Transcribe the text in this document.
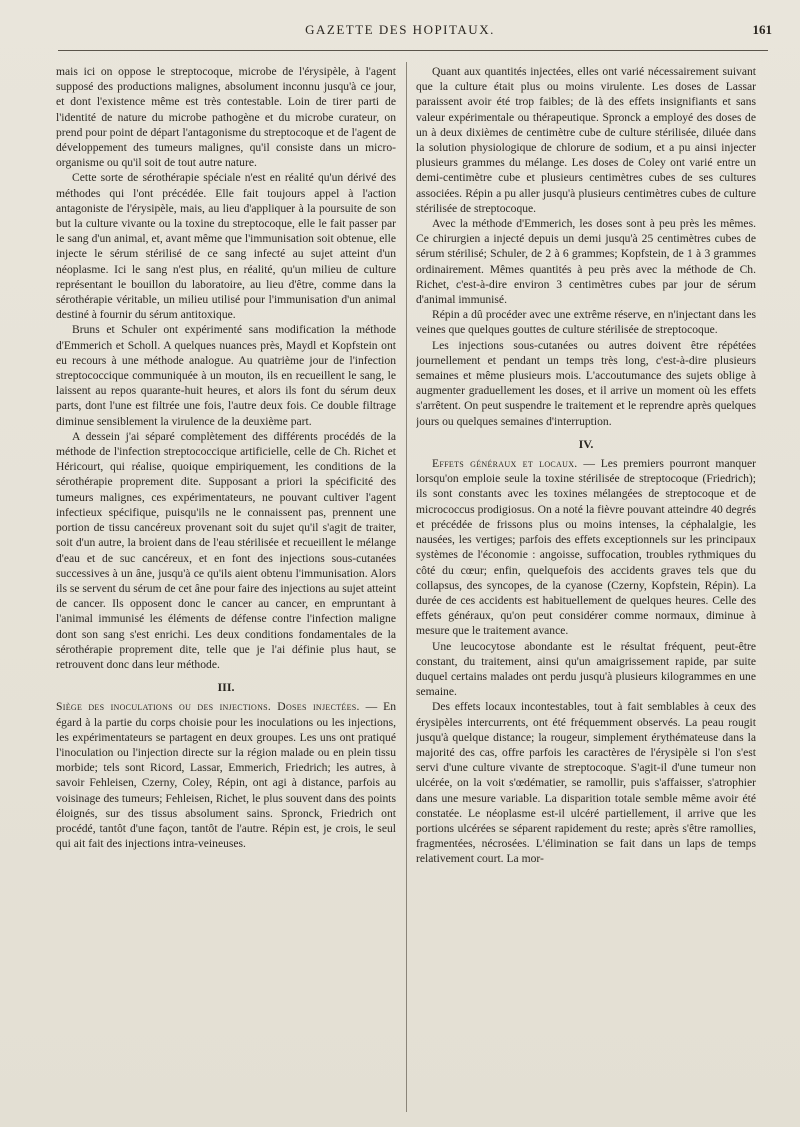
GAZETTE DES HOPITAUX.	161

mais ici on oppose le streptocoque, microbe de l'érysipèle, à l'agent supposé des productions malignes, absolument inconnu jusqu'à ce jour, et dont l'existence même est très contestable. Loin de tirer parti de l'identité de nature du microbe pathogène et du microbe curateur, on prend pour point de départ l'antagonisme du streptocoque et de l'agent de développement des tumeurs malignes, qu'il consiste dans un micro-organisme ou qu'il soit de tout autre nature.

Cette sorte de sérothérapie spéciale n'est en réalité qu'un dérivé des méthodes qui l'ont précédée. Elle fait toujours appel à l'action antagoniste de l'érysipèle, mais, au lieu d'appliquer à la poursuite de son but la culture vivante ou la toxine du streptocoque, elle le fait passer par le sang d'un animal, et, avant même que l'immunisation soit obtenue, elle injecte le sérum stérilisé de ce sang infecté au sujet atteint d'un néoplasme. Ici le sang n'est plus, en réalité, qu'un milieu de culture représentant le bouillon du laboratoire, au lieu d'être, comme dans la sérothérapie véritable, un milieu utilisé pour l'immunisation d'un animal destiné à fournir du sérum antitoxique.

Bruns et Schuler ont expérimenté sans modification la méthode d'Emmerich et Scholl. A quelques nuances près, Maydl et Kopfstein ont eu recours à une méthode analogue. Au quatrième jour de l'infection streptococcique communiquée à un mouton, ils en recueillent le sang, le laissent au repos quarante-huit heures, et alors ils font du sérum deux parts, dont l'une est filtrée une fois, l'autre deux fois. Ce double filtrage diminue sensiblement la virulence de la deuxième part.

A dessein j'ai séparé complètement des différents procédés de la méthode de l'infection streptococcique artificielle, celle de Ch. Richet et Héricourt, qui réalise, quoique empiriquement, les conditions de la sérothérapie proprement dite. Supposant a priori la spécificité des tumeurs malignes, ces expérimentateurs, ne pouvant cultiver l'agent infectieux spécifique, puisqu'ils ne le connaissent pas, prennent une portion de tissu cancéreux provenant soit du sujet qu'il s'agit de traiter, soit d'un autre, la broient dans de l'eau stérilisée et recueillent le mélange d'eau et de suc cancéreux, et en font des injections sous-cutanées successives à un âne, jusqu'à ce qu'ils aient obtenu l'immunisation. Alors ils se servent du sérum de cet âne pour faire des injections au sujet atteint de cancer. Ils opposent donc le cancer au cancer, en empruntant à l'animal immunisé les éléments de défense contre l'infection maligne dont son sang s'est enrichi. Les deux conditions fondamentales de la sérothérapie proprement dite, telle que je l'ai définie plus haut, se retrouvent donc dans leur méthode.

III.

Siège des inoculations ou des injections. Doses injectées. — En égard à la partie du corps choisie pour les inoculations ou les injections, les expérimentateurs se partagent en deux groupes. Les uns ont pratiqué l'inoculation ou l'injection directe sur la région malade ou en plein tissu morbide; tels sont Ricord, Lassar, Emmerich, Friedrich; les autres, à savoir Fehleisen, Czerny, Coley, Répin, ont agi à distance, parfois au voisinage des tumeurs; Fehleisen, Richet, le plus souvent dans des points éloignés, sur des tissus absolument sains. Spronck, Friedrich ont procédé, tantôt d'une façon, tantôt de l'autre. Répin est, je crois, le seul qui ait fait des injections intra-veineuses.

Quant aux quantités injectées, elles ont varié nécessairement suivant que la culture était plus ou moins virulente. Les doses de Lassar paraissent avoir été trop faibles; de là des effets insignifiants et sans valeur expérimentale ou thérapeutique. Spronck a employé des doses de un à deux dixièmes de centimètre cube de culture stérilisée, diluée dans la solution physiologique de chlorure de sodium, et a pu ainsi injecter plusieurs grammes du mélange. Les doses de Coley ont varié entre un demi-centimètre cube et plusieurs centimètres cubes de ses cultures associées. Répin a pu aller jusqu'à plusieurs centimètres cubes de culture stérilisée de streptocoque.

Avec la méthode d'Emmerich, les doses sont à peu près les mêmes. Ce chirurgien a injecté depuis un demi jusqu'à 25 centimètres cubes de sérum stérilisé; Schuler, de 2 à 6 grammes; Kopfstein, de 1 à 3 grammes ordinairement. Mêmes quantités à peu près avec la méthode de Ch. Richet, c'est-à-dire environ 3 centimètres cubes par jour de sérum d'animal immunisé.

Répin a dû procéder avec une extrême réserve, en n'injectant dans les veines que quelques gouttes de culture stérilisée de streptocoque.

Les injections sous-cutanées ou autres doivent être répétées journellement et pendant un temps très long, c'est-à-dire plusieurs semaines et même plusieurs mois. L'accoutumance des sujets oblige à augmenter graduellement les doses, et il arrive un moment où les effets s'arrêtent. On peut suspendre le traitement et le reprendre après quelques jours ou quelques semaines d'interruption.

IV.

Effets généraux et locaux. — Les premiers pourront manquer lorsqu'on emploie seule la toxine stérilisée de streptocoque (Friedrich); ils sont constants avec les toxines mélangées de streptocoque et de micrococcus prodigiosus. On a noté la fièvre pouvant atteindre 40 degrés et précédée de frissons plus ou moins intenses, la céphalalgie, les nausées, les vertiges; parfois des effets exceptionnels sur les principaux systèmes de l'économie : angoisse, suffocation, troubles rythmiques du côté du cœur; enfin, quelquefois des accidents graves tels que du collapsus, des syncopes, de la cyanose (Czerny, Kopfstein, Répin). La durée de ces accidents est habituellement de quelques heures. Celle des effets généraux, qu'on peut considérer comme normaux, diminue à mesure que le traitement avance.

Une leucocytose abondante est le résultat fréquent, peut-être constant, du traitement, ainsi qu'un amaigrissement rapide, par suite duquel certains malades ont perdu jusqu'à plusieurs kilogrammes en une semaine.

Des effets locaux incontestables, tout à fait semblables à ceux des érysipèles intercurrents, ont été fréquemment observés. La peau rougit jusqu'à quelque distance; la rougeur, simplement érythémateuse dans la majorité des cas, offre parfois les caractères de l'érysipèle si l'on s'est servi d'une culture vivante de streptocoque. S'agit-il d'une tumeur non ulcérée, on la voit s'œdématier, se ramollir, puis s'affaisser, s'atrophier dans une mesure variable. La disparition totale semble même avoir été constatée. Le néoplasme est-il ulcéré partiellement, il arrive que les portions ulcérées se séparent rapidement du reste; après s'être ramollies, fragmentées, nécrosées. L'élimination se fait dans un laps de temps relativement court. La mor-
